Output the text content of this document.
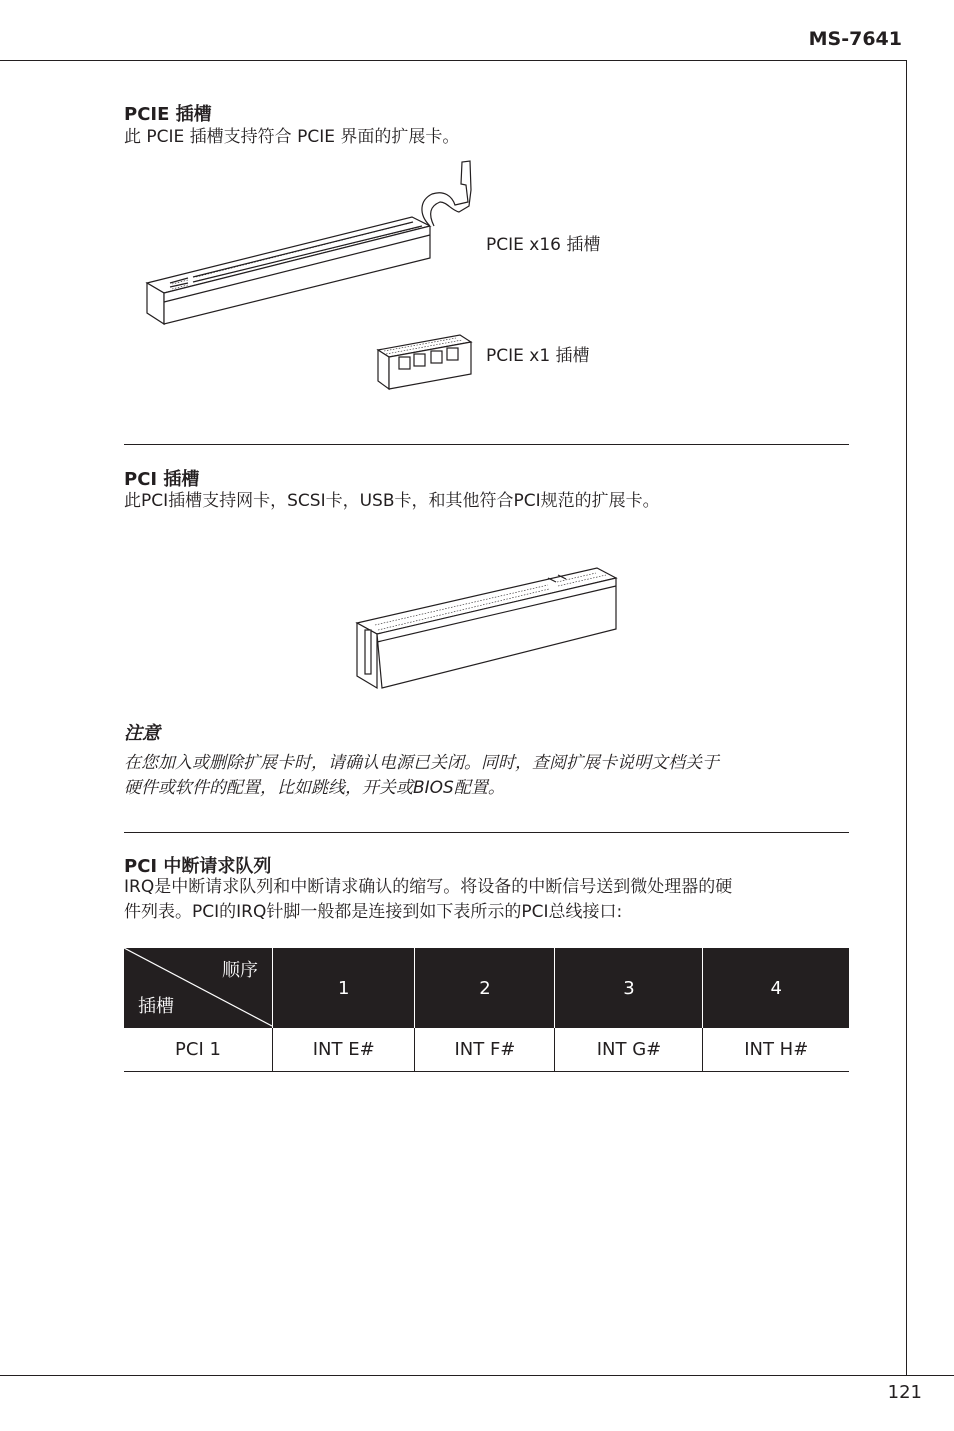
MS-7641
PCIE 插槽
此 PCIE 插槽支持符合 PCIE 界面的扩展卡。
PCIE x16 插槽
PCIE x1 插槽
PCI 插槽
此PCI插槽支持网卡，SCSI卡，USB卡，和其他符合PCI规范的扩展卡。
注意
在您加入或删除扩展卡时，请确认电源已关闭。同时，查阅扩展卡说明文档关于
硬件或软件的配置，比如跳线，开关或BIOS配置。
PCI 中断请求队列
IRQ是中断请求队列和中断请求确认的缩写。将设备的中断信号送到微处理器的硬
件列表。PCI的IRQ针脚一般都是连接到如下表所示的PCI总线接口:
顺序
插槽	1	2	3	4
PCI 1	INT E#	INT F#	INT G#	INT H#
121
